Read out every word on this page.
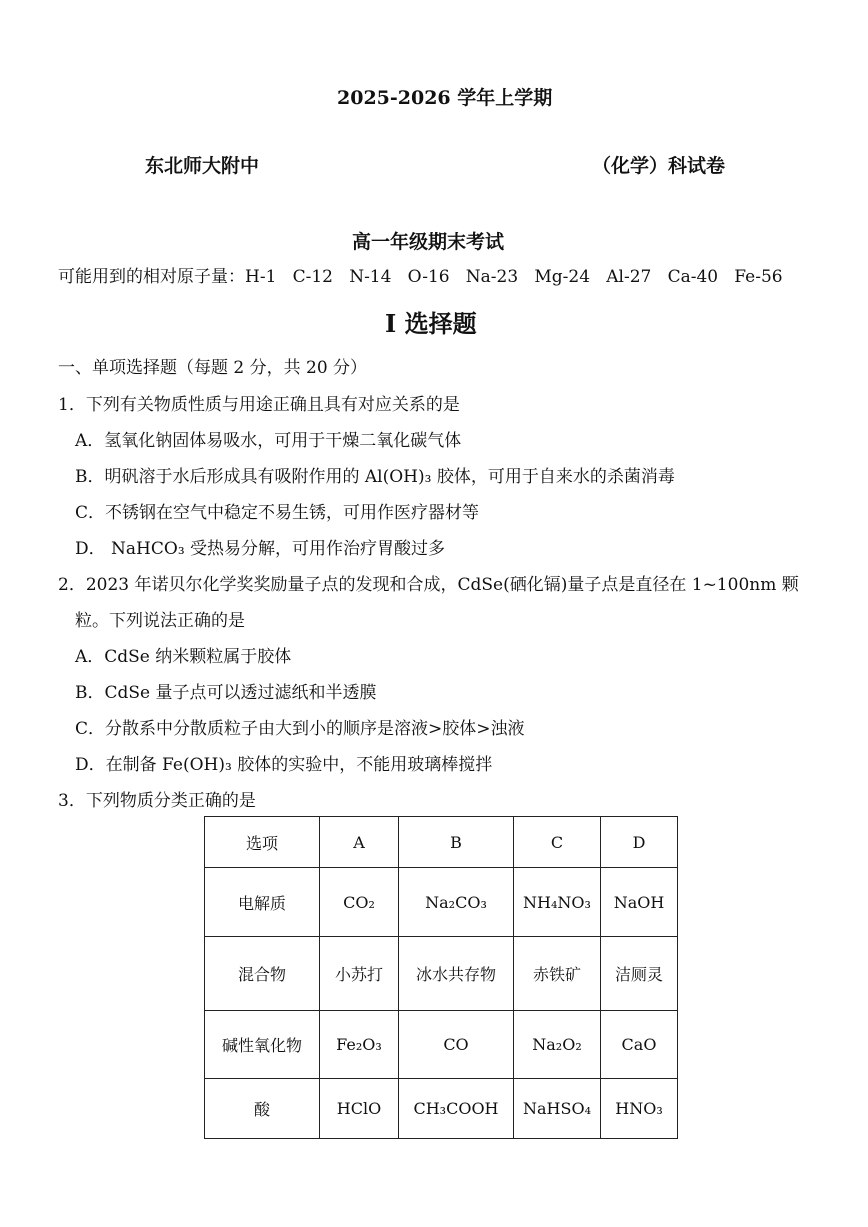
2025-2026 学年上学期
东北师大附中	（化学）科试卷
高一年级期末考试
可能用到的相对原子量：H-1   C-12   N-14   O-16   Na-23   Mg-24   Al-27   Ca-40   Fe-56
I 选择题
一、单项选择题（每题 2 分，共 20 分）
1．下列有关物质性质与用途正确且具有对应关系的是
A．氢氧化钠固体易吸水，可用于干燥二氧化碳气体
B．明矾溶于水后形成具有吸附作用的 Al(OH)₃ 胶体，可用于自来水的杀菌消毒
C．不锈钢在空气中稳定不易生锈，可用作医疗器材等
D． NaHCO₃ 受热易分解，可用作治疗胃酸过多
2．2023 年诺贝尔化学奖奖励量子点的发现和合成，CdSe(硒化镉)量子点是直径在 1~100nm 颗
粒。下列说法正确的是
A．CdSe 纳米颗粒属于胶体
B．CdSe 量子点可以透过滤纸和半透膜
C．分散系中分散质粒子由大到小的顺序是溶液>胶体>浊液
D．在制备 Fe(OH)₃ 胶体的实验中，不能用玻璃棒搅拌
3．下列物质分类正确的是
选项	A	B	C	D
电解质	CO₂	Na₂CO₃	NH₄NO₃	NaOH
混合物	小苏打	冰水共存物	赤铁矿	洁厕灵
碱性氧化物	Fe₂O₃	CO	Na₂O₂	CaO
酸	HClO	CH₃COOH	NaHSO₄	HNO₃
